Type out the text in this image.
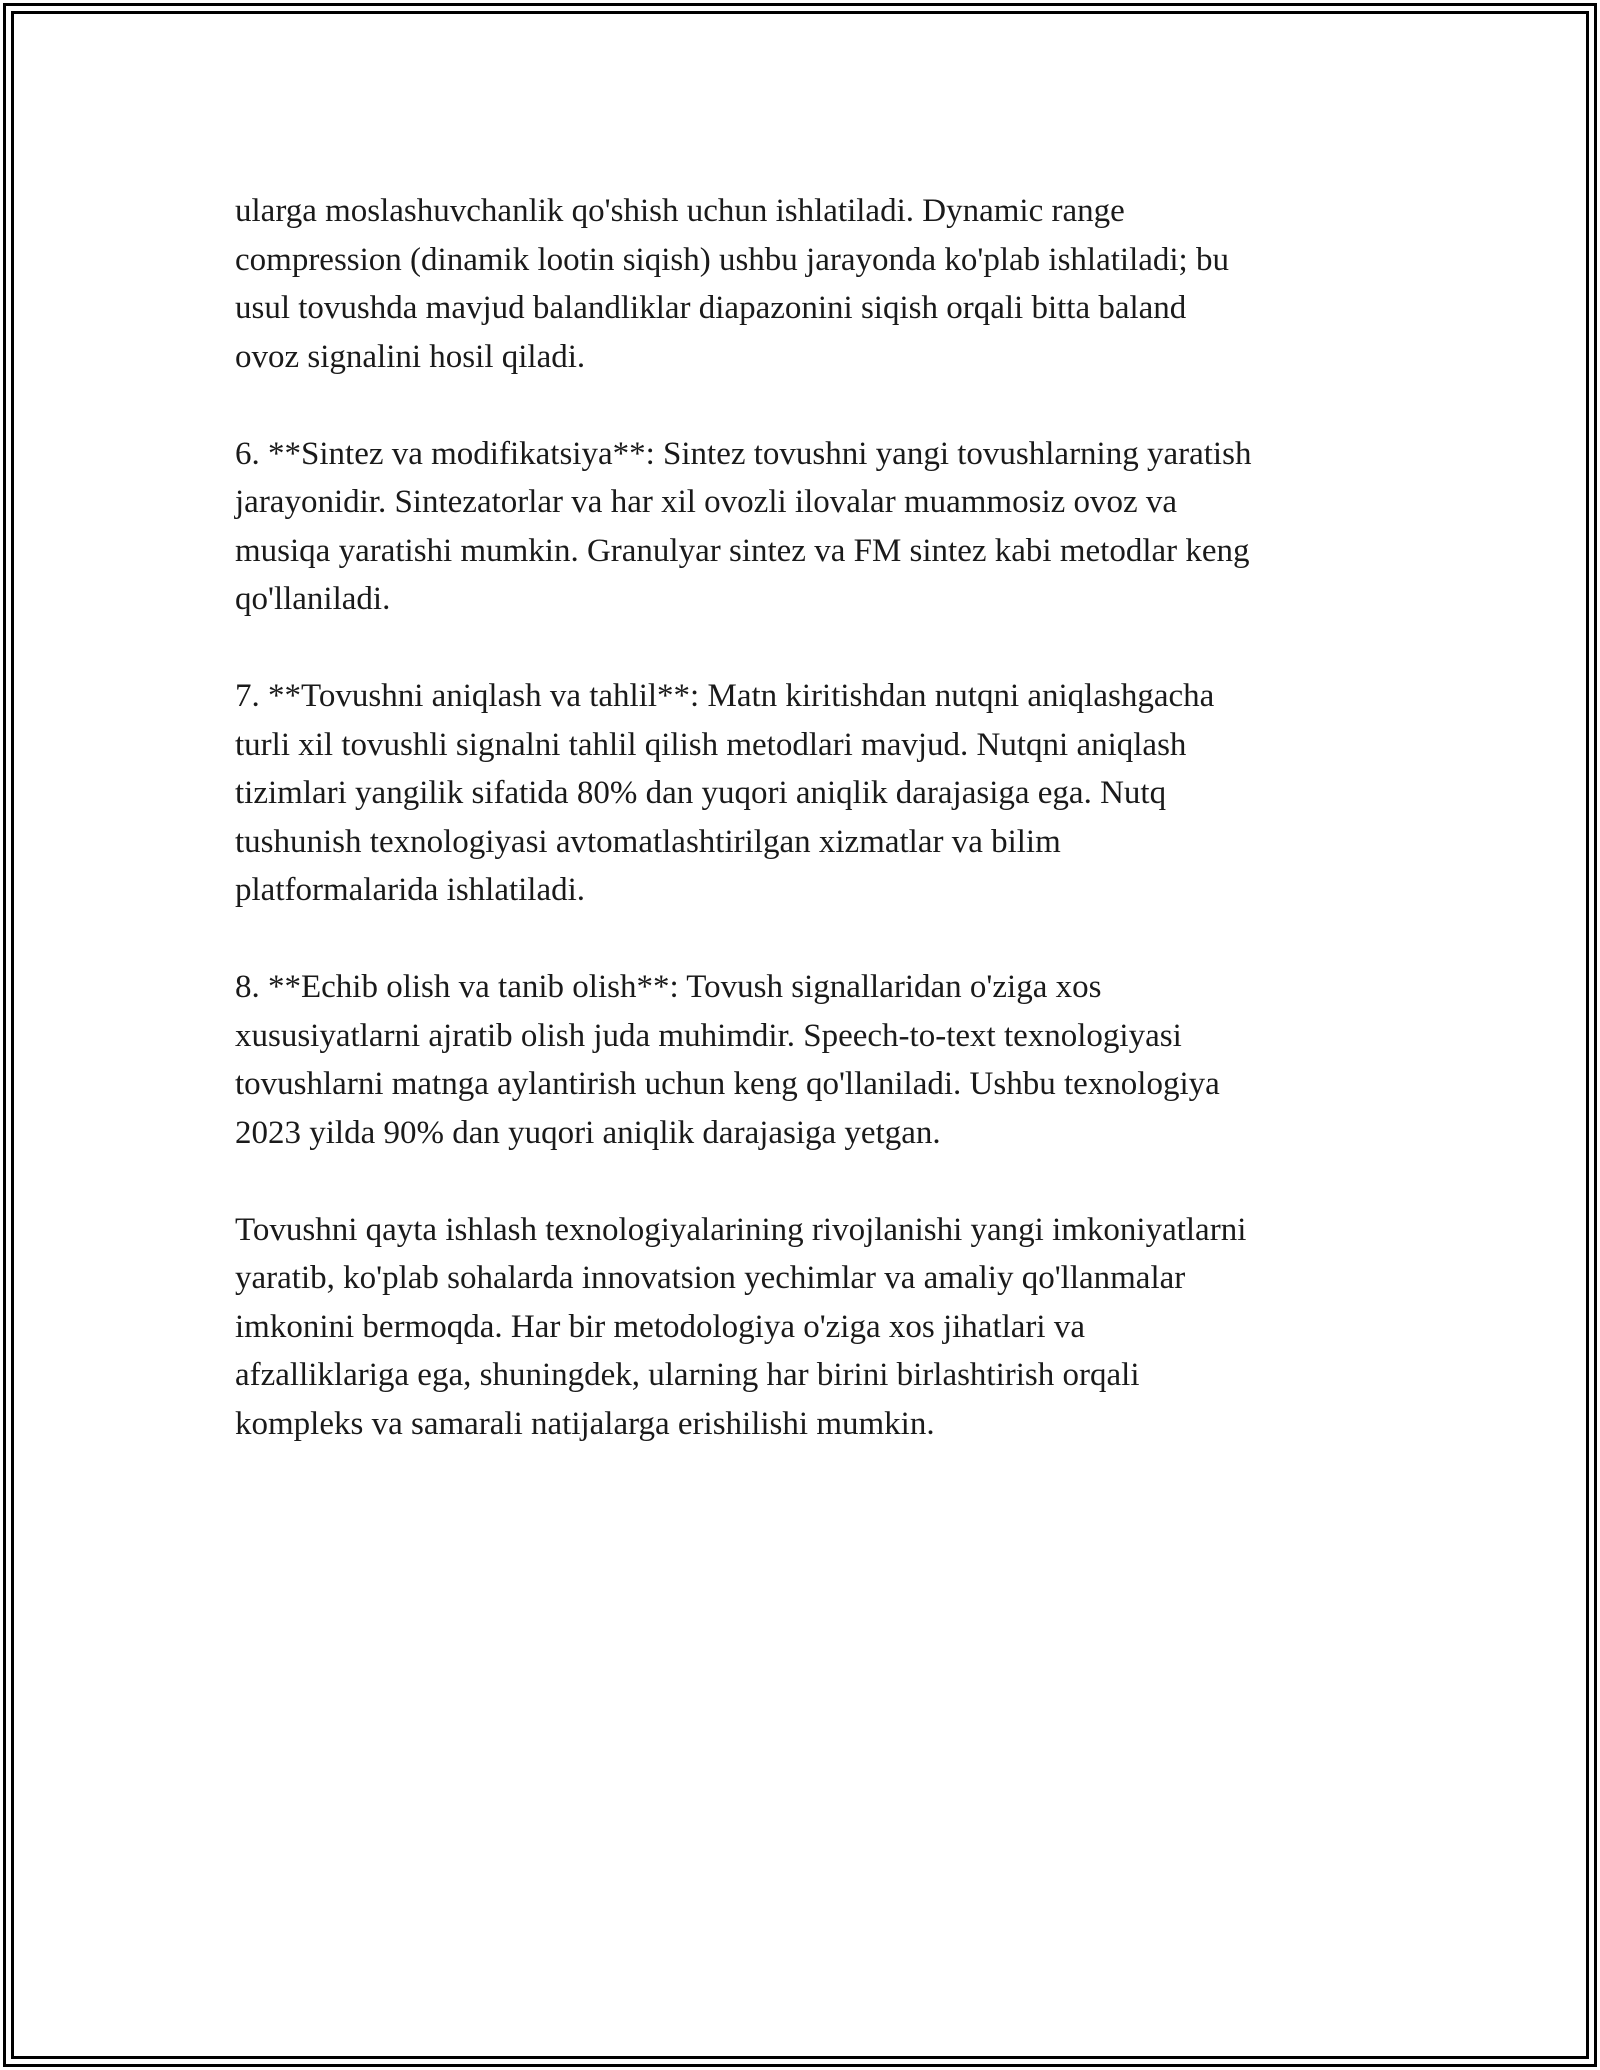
ularga moslashuvchanlik qo'shish uchun ishlatiladi. Dynamic range
compression (dinamik lootin siqish) ushbu jarayonda ko'plab ishlatiladi; bu
usul tovushda mavjud balandliklar diapazonini siqish orqali bitta baland
ovoz signalini hosil qiladi.
6. **Sintez va modifikatsiya**: Sintez tovushni yangi tovushlarning yaratish
jarayonidir. Sintezatorlar va har xil ovozli ilovalar muammosiz ovoz va
musiqa yaratishi mumkin. Granulyar sintez va FM sintez kabi metodlar keng
qo'llaniladi.
7. **Tovushni aniqlash va tahlil**: Matn kiritishdan nutqni aniqlashgacha
turli xil tovushli signalni tahlil qilish metodlari mavjud. Nutqni aniqlash
tizimlari yangilik sifatida 80% dan yuqori aniqlik darajasiga ega. Nutq
tushunish texnologiyasi avtomatlashtirilgan xizmatlar va bilim
platformalarida ishlatiladi.
8. **Echib olish va tanib olish**: Tovush signallaridan o'ziga xos
xususiyatlarni ajratib olish juda muhimdir. Speech-to-text texnologiyasi
tovushlarni matnga aylantirish uchun keng qo'llaniladi. Ushbu texnologiya
2023 yilda 90% dan yuqori aniqlik darajasiga yetgan.
Tovushni qayta ishlash texnologiyalarining rivojlanishi yangi imkoniyatlarni
yaratib, ko'plab sohalarda innovatsion yechimlar va amaliy qo'llanmalar
imkonini bermoqda. Har bir metodologiya o'ziga xos jihatlari va
afzalliklariga ega, shuningdek, ularning har birini birlashtirish orqali
kompleks va samarali natijalarga erishilishi mumkin.
